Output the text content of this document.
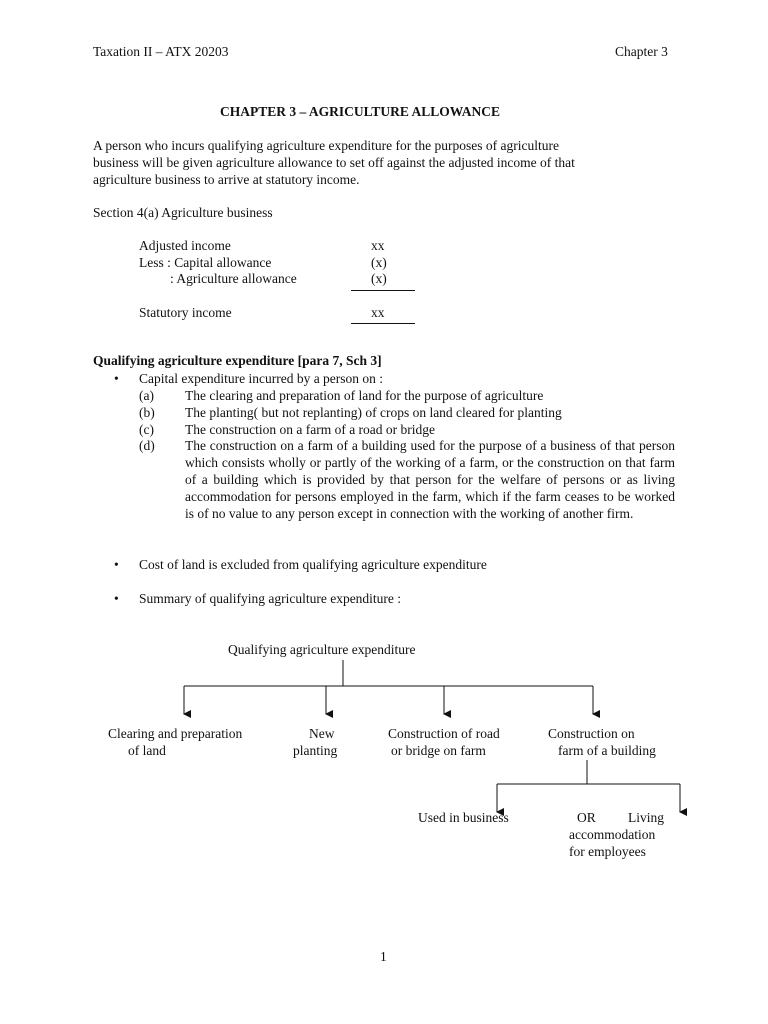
Taxation II – ATX 20203	Chapter 3
CHAPTER 3 – AGRICULTURE ALLOWANCE
A person who incurs qualifying agriculture expenditure for the purposes of agriculture
business will be given agriculture allowance to set off against the adjusted income of that
agriculture business to arrive at statutory income.
Section 4(a) Agriculture business
Adjusted income	xx
Less : Capital allowance	(x)
: Agriculture allowance	(x)
Statutory income	xx
Qualifying agriculture expenditure [para 7, Sch 3]
• Capital expenditure incurred by a person on :
(a) The clearing and preparation of land for the purpose of agriculture
(b) The planting( but not replanting) of crops on land cleared for planting
(c) The construction on a farm of a road or bridge
(d) The construction on a farm of a building used for the purpose of a business of that person which consists wholly or partly of the working of a farm, or the construction on that farm of a building which is provided by that person for the welfare of persons or as living accommodation for persons employed in the farm, which if the farm ceases to be worked is of no value to any person except in connection with the working of another firm.
• Cost of land is excluded from qualifying agriculture expenditure
• Summary of qualifying agriculture expenditure :
Qualifying agriculture expenditure
Clearing and preparation
of land
New
planting
Construction of road
or bridge on farm
Construction on
farm of a building
Used in business	OR Living
accommodation
for employees
1
